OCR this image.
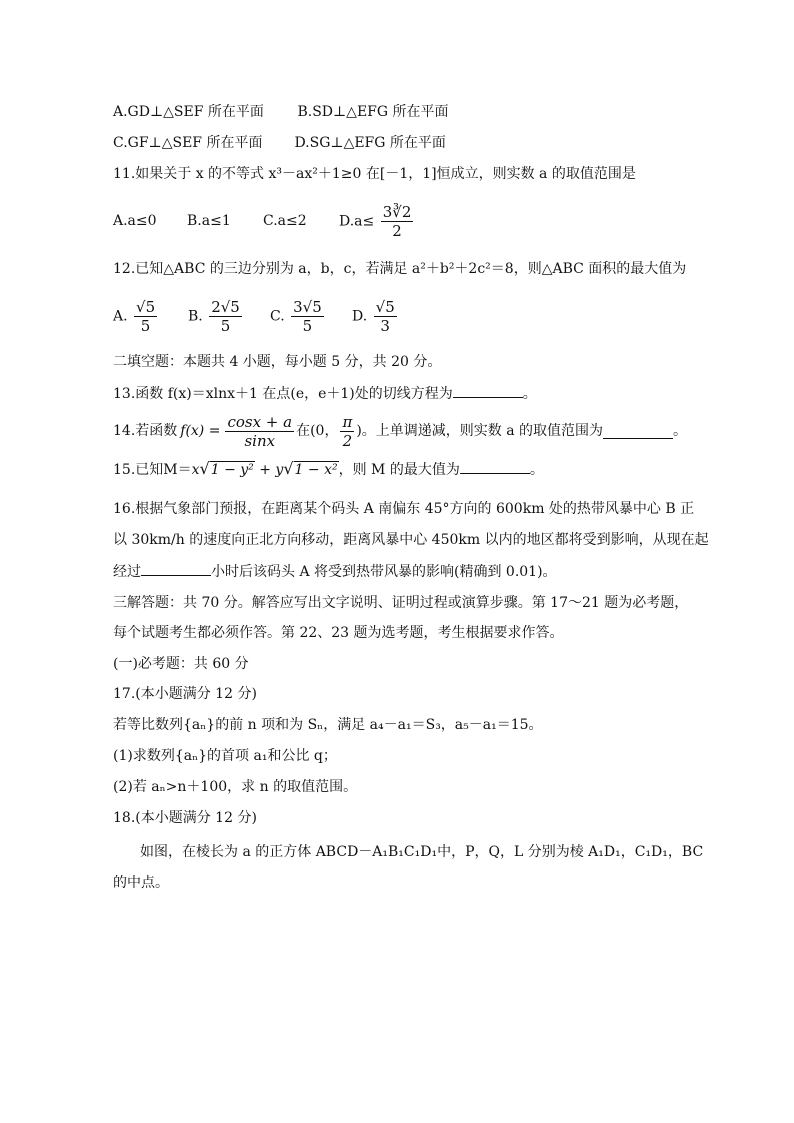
A.GD⊥△SEF 所在平面 B.SD⊥△EFG 所在平面
C.GF⊥△SEF 所在平面 D.SG⊥△EFG 所在平面
11.如果关于 x 的不等式 x³－ax²＋1≥0 在[－1，1]恒成立，则实数 a 的取值范围是
A.a≤0	B.a≤1	C.a≤2	$D.a\le \frac{3∛2}{2}$
12.已知△ABC 的三边分别为 a，b，c，若满足 a²＋b²＋2c²＝8，则△ABC 面积的最大值为
A. $\frac{√5}{5} B$. $\frac{2√5}{5} C$. $\frac{3√5}{5} D$. $\frac{√5}{3}$
二填空题：本题共 4 小题，每小题 5 分，共 20 分。
13.函数 f(x)＝xlnx＋1 在点(e，e＋1)处的切线方程为	。
14.若函数 $f(x) = \frac{\cos x + a}{\sin x}$ 在(0， $\frac{\pi}{2}$ )。上单调递减，则实数 a 的取值范围为	。
15.已知M＝x√1 − y² + y√1 − x²，则 M 的最大值为	。
16.根据气象部门预报，在距离某个码头 A 南偏东 45°方向的 600km 处的热带风暴中心 B 正
以 30km/h 的速度向正北方向移动，距离风暴中心 450km 以内的地区都将受到影响，从现在起
经过	小时后该码头 A 将受到热带风暴的影响(精确到 0.01)。
三解答题：共 70 分。解答应写出文字说明、证明过程或演算步骤。第 17～21 题为必考题，
每个试题考生都必须作答。第 22、23 题为选考题，考生根据要求作答。
(一)必考题：共 60 分
17.(本小题满分 12 分)
若等比数列{aₙ}的前 n 项和为 Sₙ，满足 a₄－a₁＝S₃，a₅－a₁＝15。
(1)求数列{aₙ}的首项 a₁和公比 q；
(2)若 aₙ>n＋100，求 n 的取值范围。
18.(本小题满分 12 分)
如图，在棱长为 a 的正方体 ABCD－A₁B₁C₁D₁中，P，Q，L 分别为棱 A₁D₁，C₁D₁，BC
的中点。
